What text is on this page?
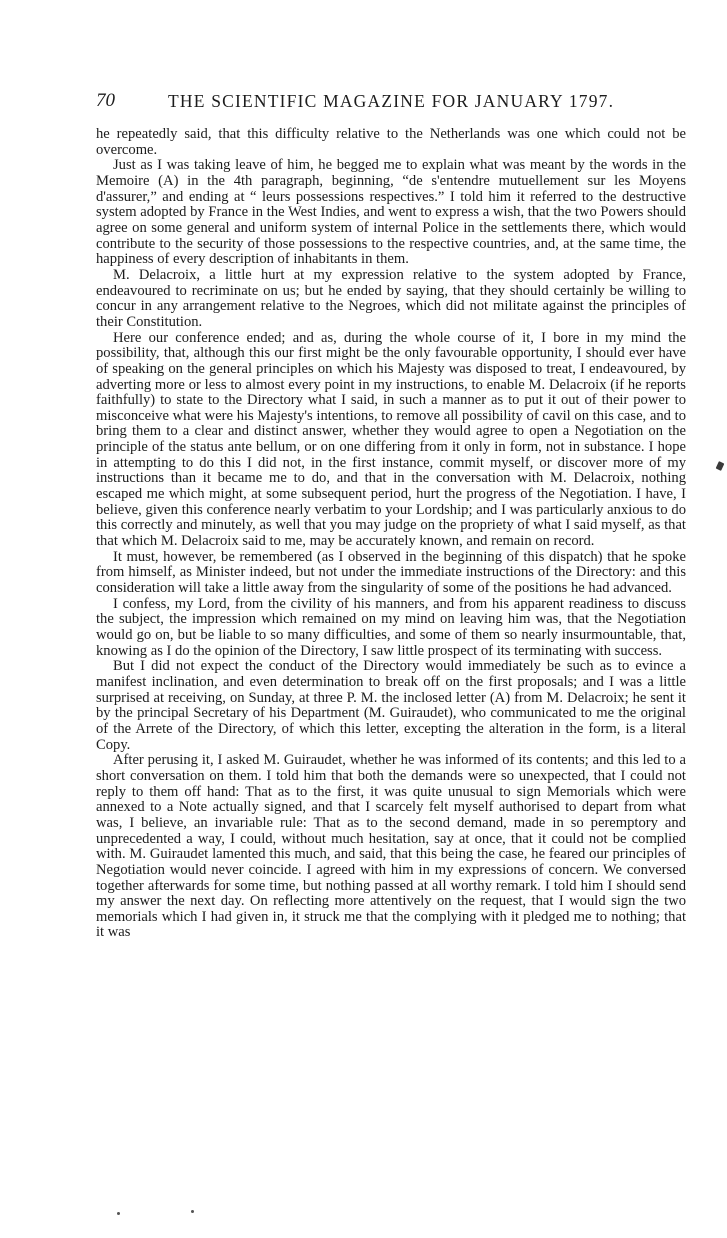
70	THE SCIENTIFIC MAGAZINE FOR JANUARY 1797.

he repeatedly said, that this difficulty relative to the Netherlands was one which could not be overcome.

Just as I was taking leave of him, he begged me to explain what was meant by the words in the Memoire (A) in the 4th paragraph, beginning, “de s'entendre mutuellement sur les Moyens d'assurer,” and ending at “ leurs possessions respectives.” I told him it referred to the destructive system adopted by France in the West Indies, and went to express a wish, that the two Powers should agree on some general and uniform system of internal Police in the settlements there, which would contribute to the security of those possessions to the respective countries, and, at the same time, the happiness of every description of inhabitants in them.

M. Delacroix, a little hurt at my expression relative to the system adopted by France, endeavoured to recriminate on us; but he ended by saying, that they should certainly be willing to concur in any arrangement relative to the Negroes, which did not militate against the principles of their Constitution.

Here our conference ended; and as, during the whole course of it, I bore in my mind the possibility, that, although this our first might be the only favourable opportunity, I should ever have of speaking on the general principles on which his Majesty was disposed to treat, I endeavoured, by adverting more or less to almost every point in my instructions, to enable M. Delacroix (if he reports faithfully) to state to the Directory what I said, in such a manner as to put it out of their power to misconceive what were his Majesty's intentions, to remove all possibility of cavil on this case, and to bring them to a clear and distinct answer, whether they would agree to open a Negotiation on the principle of the status ante bellum, or on one differing from it only in form, not in substance. I hope in attempting to do this I did not, in the first instance, commit myself, or discover more of my instructions than it became me to do, and that in the conversation with M. Delacroix, nothing escaped me which might, at some subsequent period, hurt the progress of the Negotiation. I have, I believe, given this conference nearly verbatim to your Lordship; and I was particularly anxious to do this correctly and minutely, as well that you may judge on the propriety of what I said myself, as that that which M. Delacroix said to me, may be accurately known, and remain on record.

It must, however, be remembered (as I observed in the beginning of this dispatch) that he spoke from himself, as Minister indeed, but not under the immediate instructions of the Directory: and this consideration will take a little away from the singularity of some of the positions he had advanced.

I confess, my Lord, from the civility of his manners, and from his apparent readiness to discuss the subject, the impression which remained on my mind on leaving him was, that the Negotiation would go on, but be liable to so many difficulties, and some of them so nearly insurmountable, that, knowing as I do the opinion of the Directory, I saw little prospect of its terminating with success.

But I did not expect the conduct of the Directory would immediately be such as to evince a manifest inclination, and even determination to break off on the first proposals; and I was a little surprised at receiving, on Sunday, at three P. M. the inclosed letter (A) from M. Delacroix; he sent it by the principal Secretary of his Department (M. Guiraudet), who communicated to me the original of the Arrete of the Directory, of which this letter, excepting the alteration in the form, is a literal Copy.

After perusing it, I asked M. Guiraudet, whether he was informed of its contents; and this led to a short conversation on them. I told him that both the demands were so unexpected, that I could not reply to them off hand: That as to the first, it was quite unusual to sign Memorials which were annexed to a Note actually signed, and that I scarcely felt myself authorised to depart from what was, I believe, an invariable rule: That as to the second demand, made in so peremptory and unprecedented a way, I could, without much hesitation, say at once, that it could not be complied with. M. Guiraudet lamented this much, and said, that this being the case, he feared our principles of Negotiation would never coincide. I agreed with him in my expressions of concern. We conversed together afterwards for some time, but nothing passed at all worthy remark. I told him I should send my answer the next day. On reflecting more attentively on the request, that I would sign the two memorials which I had given in, it struck me that the complying with it pledged me to nothing; that it was
